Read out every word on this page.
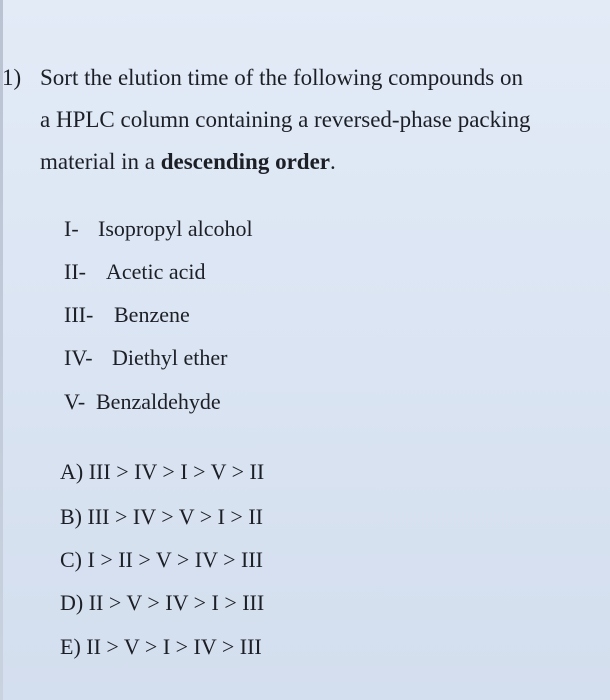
1) Sort the elution time of the following compounds on
a HPLC column containing a reversed-phase packing
material in a descending order.
I- Isopropyl alcohol
II- Acetic acid
III- Benzene
IV- Diethyl ether
V- Benzaldehyde
A) III > IV > I > V > II
B) III > IV > V > I > II
C) I > II > V > IV > III
D) II > V > IV > I > III
E) II > V > I > IV > III
